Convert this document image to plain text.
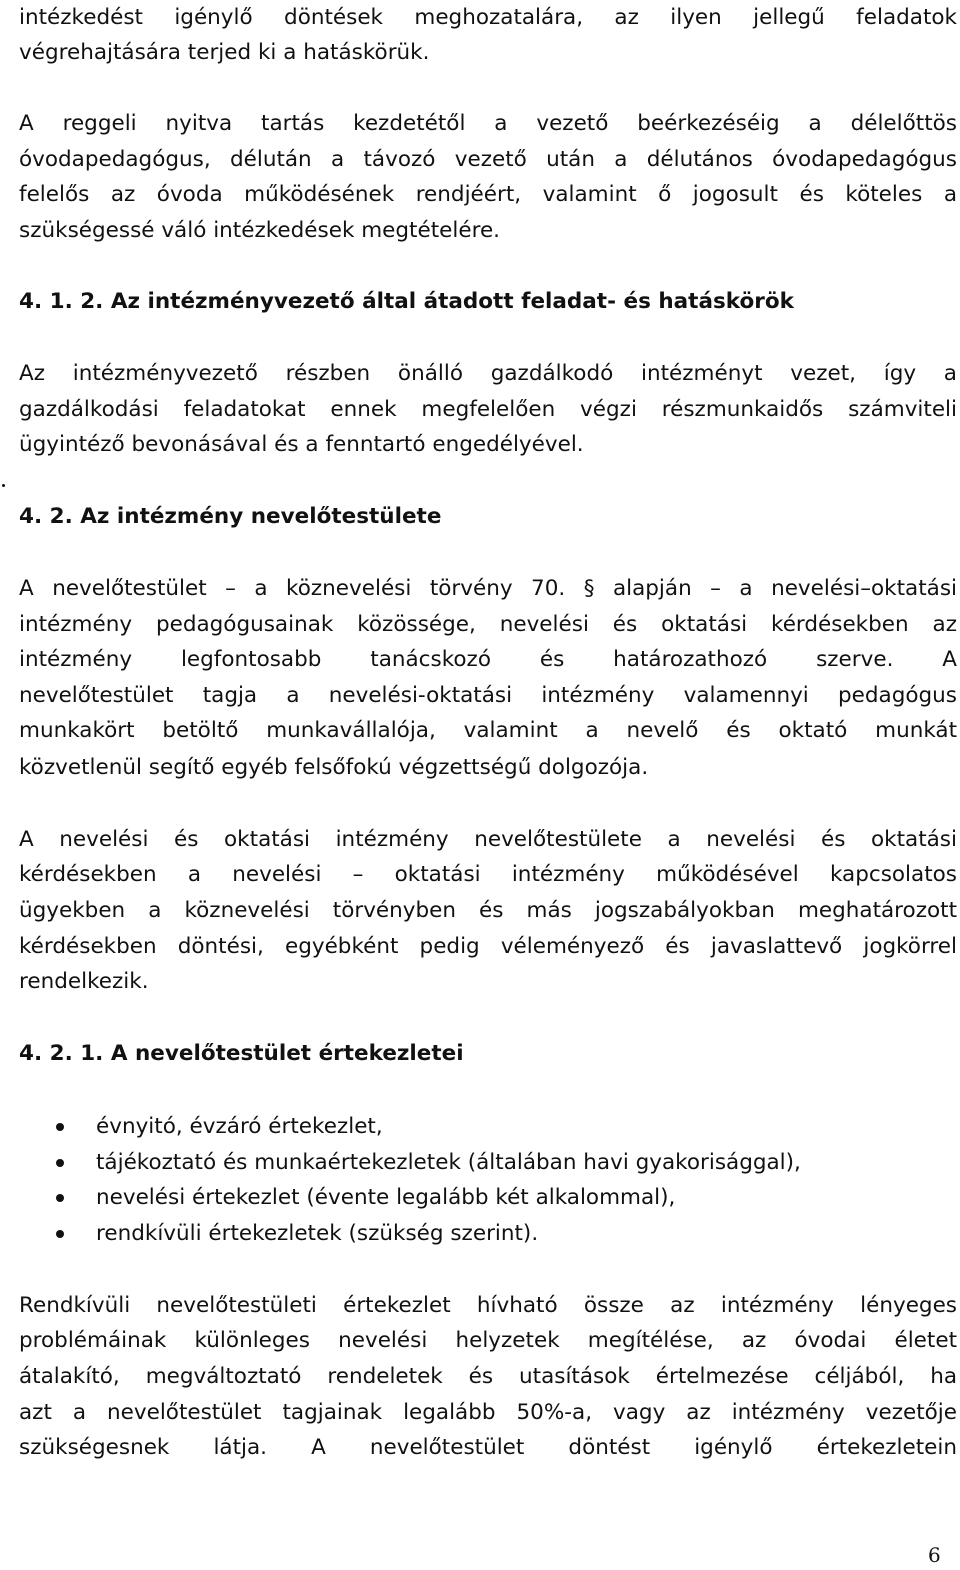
intézkedést igénylő döntések meghozatalára, az ilyen jellegű feladatok
végrehajtására terjed ki a hatáskörük.
A reggeli nyitva tartás kezdetétől a vezető beérkezéséig a délelőttös
óvodapedagógus, délután a távozó vezető után a délutános óvodapedagógus
felelős az óvoda működésének rendjéért, valamint ő jogosult és köteles a
szükségessé váló intézkedések megtételére.
4. 1. 2. Az intézményvezető által átadott feladat- és hatáskörök
Az intézményvezető részben önálló gazdálkodó intézményt vezet, így a
gazdálkodási feladatokat ennek megfelelően végzi részmunkaidős számviteli
ügyintéző bevonásával és a fenntartó engedélyével.
4. 2. Az intézmény nevelőtestülete
A nevelőtestület – a köznevelési törvény 70. § alapján – a nevelési–oktatási
intézmény pedagógusainak közössége, nevelési és oktatási kérdésekben az
intézmény legfontosabb tanácskozó és határozathozó szerve. A
nevelőtestület tagja a nevelési-oktatási intézmény valamennyi pedagógus
munkakört betöltő munkavállalója, valamint a nevelő és oktató munkát
közvetlenül segítő egyéb felsőfokú végzettségű dolgozója.
A nevelési és oktatási intézmény nevelőtestülete a nevelési és oktatási
kérdésekben a nevelési – oktatási intézmény működésével kapcsolatos
ügyekben a köznevelési törvényben és más jogszabályokban meghatározott
kérdésekben döntési, egyébként pedig véleményező és javaslattevő jogkörrel
rendelkezik.
4. 2. 1. A nevelőtestület értekezletei
évnyitó, évzáró értekezlet,
tájékoztató és munkaértekezletek (általában havi gyakorisággal),
nevelési értekezlet (évente legalább két alkalommal),
rendkívüli értekezletek (szükség szerint).
Rendkívüli nevelőtestületi értekezlet hívható össze az intézmény lényeges
problémáinak különleges nevelési helyzetek megítélése, az óvodai életet
átalakító, megváltoztató rendeletek és utasítások értelmezése céljából, ha
azt a nevelőtestület tagjainak legalább 50%-a, vagy az intézmény vezetője
szükségesnek látja. A nevelőtestület döntést igénylő értekezletein
6
